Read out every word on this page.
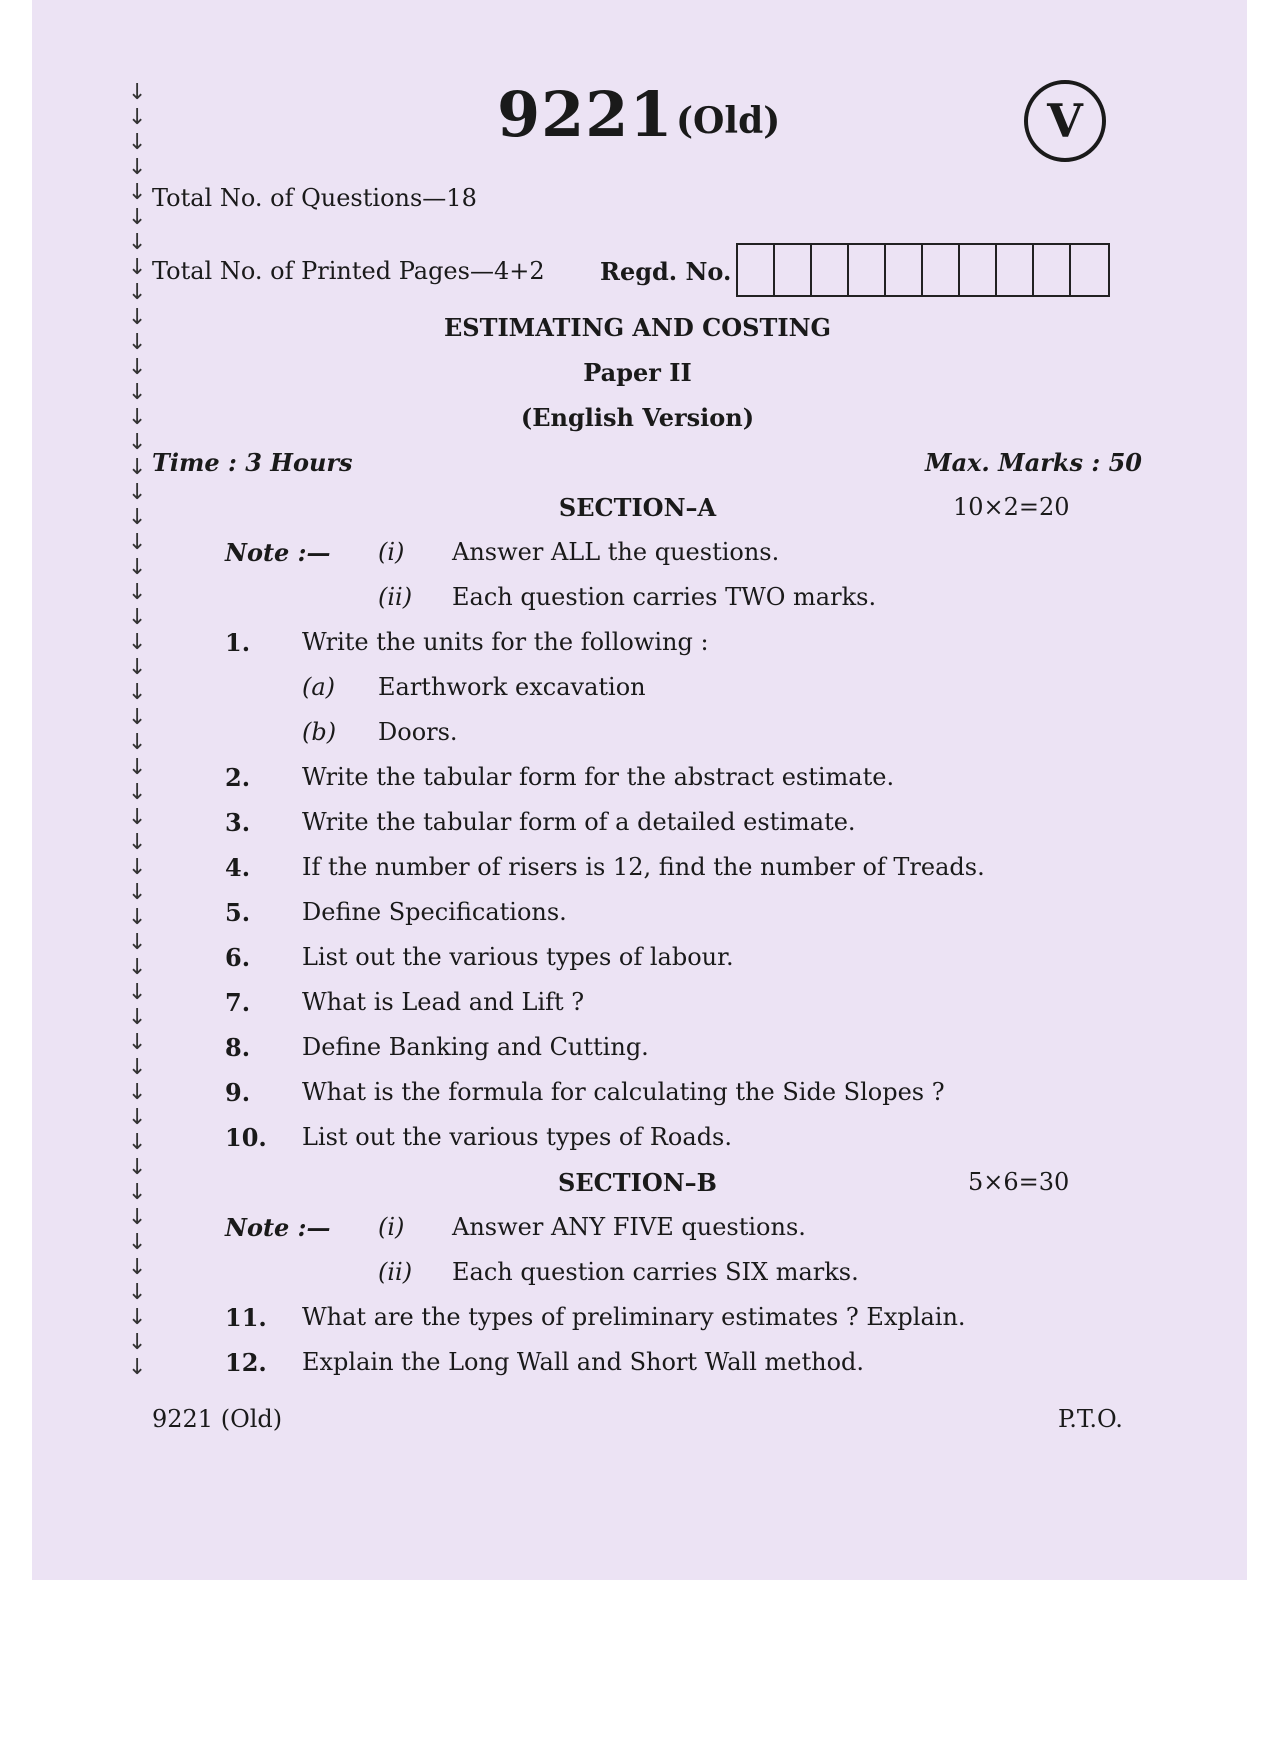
↓
↓
↓
↓
↓
↓
↓
↓
↓
↓
↓
↓
↓
↓
↓
↓
↓
↓
↓
↓
↓
↓
↓
↓
↓
↓
↓
↓
↓
↓
↓
↓
↓
↓
↓
↓
↓
↓
↓
↓
↓
↓
↓
↓
↓
↓
↓
↓
↓
↓
↓
↓
9221 (Old)	V
Total No. of Questions—18
Total No. of Printed Pages—4+2 Regd. No.
ESTIMATING AND COSTING
Paper II
(English Version)
Time : 3 Hours	Max. Marks : 50
SECTION–A	10×2=20
Note :— (i) Answer ALL the questions.
(ii) Each question carries TWO marks.
1. Write the units for the following :
(a) Earthwork excavation
(b) Doors.
2. Write the tabular form for the abstract estimate.
3. Write the tabular form of a detailed estimate.
4. If the number of risers is 12, find the number of Treads.
5. Define Specifications.
6. List out the various types of labour.
7. What is Lead and Lift ?
8. Define Banking and Cutting.
9. What is the formula for calculating the Side Slopes ?
10. List out the various types of Roads.
SECTION–B	5×6=30
Note :— (i) Answer ANY FIVE questions.
(ii) Each question carries SIX marks.
11. What are the types of preliminary estimates ? Explain.
12. Explain the Long Wall and Short Wall method.
9221 (Old)	P.T.O.
